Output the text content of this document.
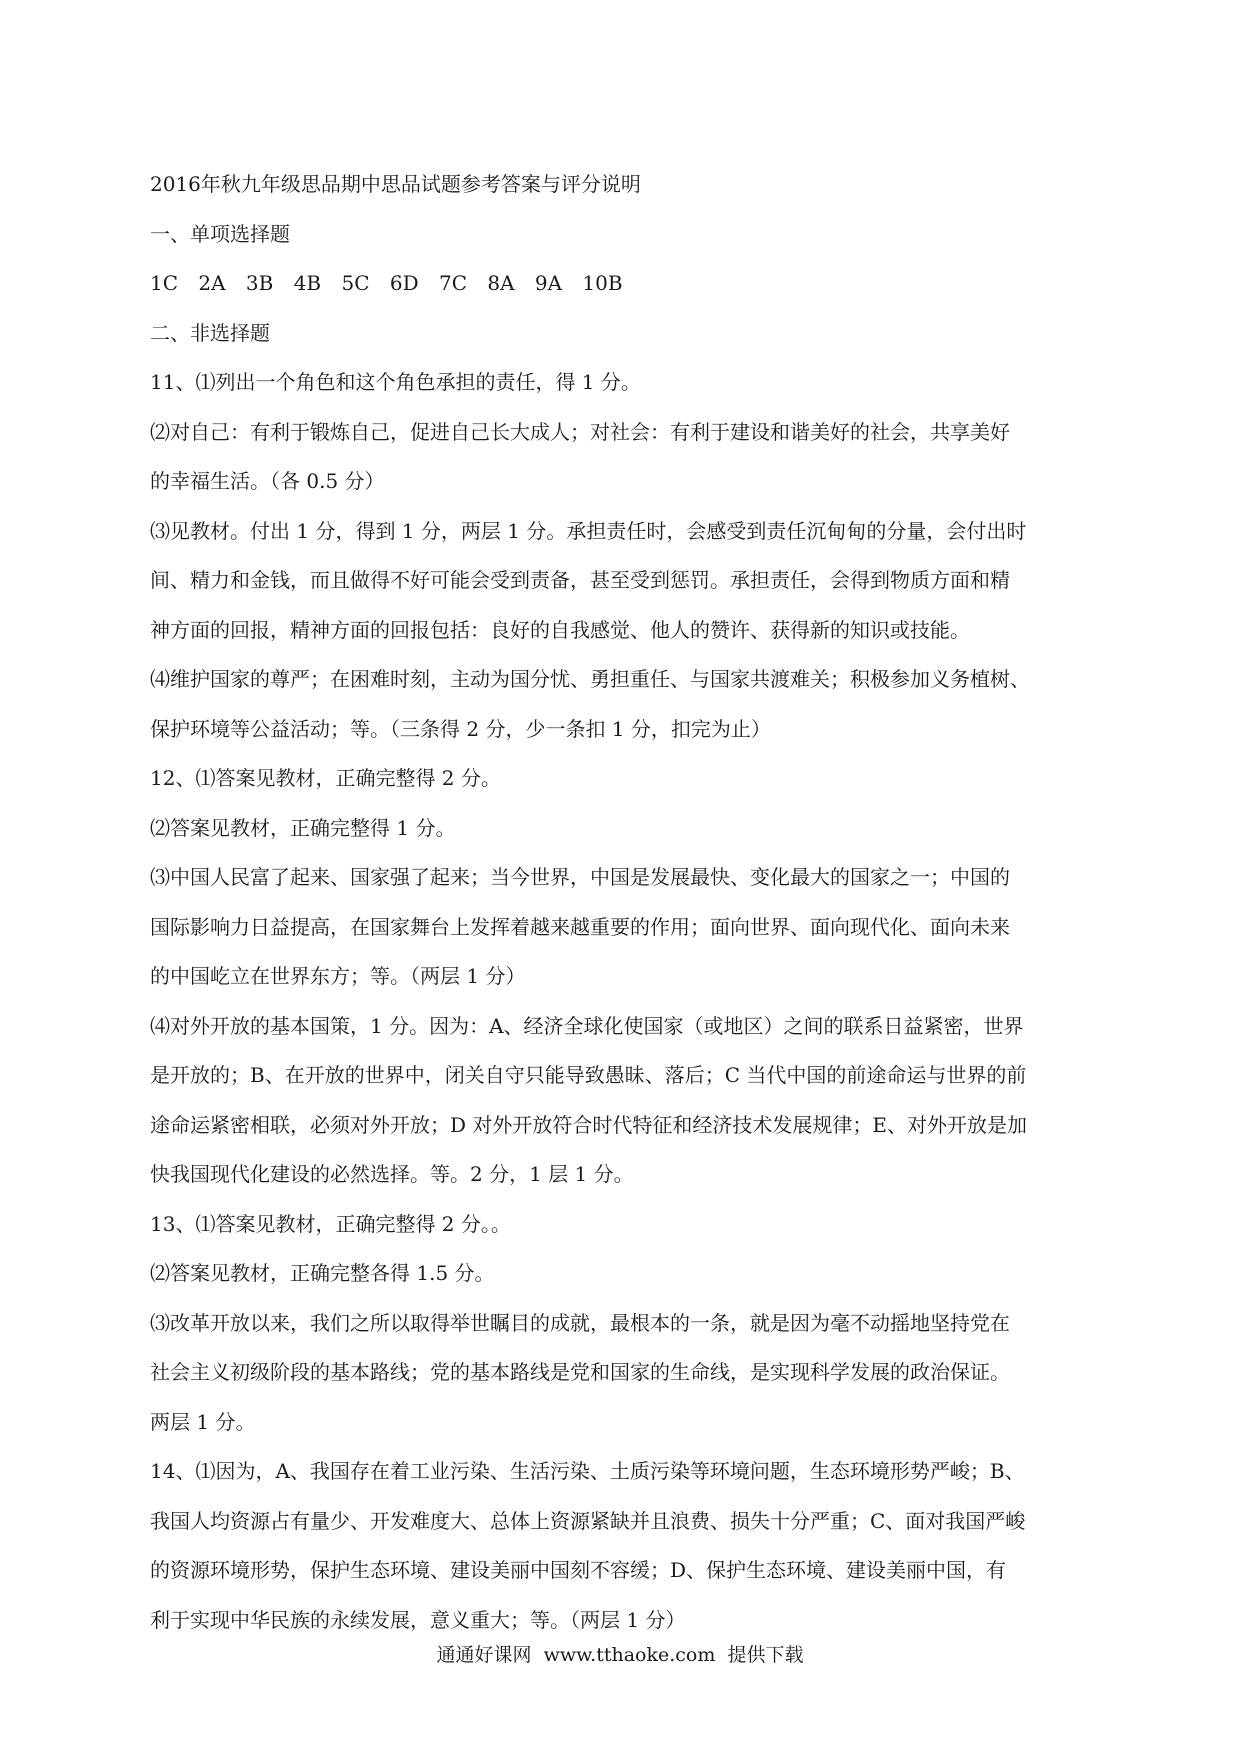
2016年秋九年级思品期中思品试题参考答案与评分说明

一、单项选择题

1C 2A 3B 4B 5C 6D 7C 8A 9A 10B

二、非选择题

11、⑴列出一个角色和这个角色承担的责任，得 1 分。

⑵对自己：有利于锻炼自己，促进自己长大成人；对社会：有利于建设和谐美好的社会，共享美好

的幸福生活。（各 0.5 分）

⑶见教材。付出 1 分，得到 1 分，两层 1 分。承担责任时，会感受到责任沉甸甸的分量，会付出时

间、精力和金钱，而且做得不好可能会受到责备，甚至受到惩罚。承担责任，会得到物质方面和精

神方面的回报，精神方面的回报包括：良好的自我感觉、他人的赞许、获得新的知识或技能。

⑷维护国家的尊严；在困难时刻，主动为国分忧、勇担重任、与国家共渡难关；积极参加义务植树、

保护环境等公益活动；等。（三条得 2 分，少一条扣 1 分，扣完为止）

12、⑴答案见教材，正确完整得 2 分。

⑵答案见教材，正确完整得 1 分。

⑶中国人民富了起来、国家强了起来；当今世界，中国是发展最快、变化最大的国家之一；中国的

国际影响力日益提高，在国家舞台上发挥着越来越重要的作用；面向世界、面向现代化、面向未来

的中国屹立在世界东方；等。（两层 1 分）

⑷对外开放的基本国策，1 分。因为：A、经济全球化使国家（或地区）之间的联系日益紧密，世界

是开放的；B、在开放的世界中，闭关自守只能导致愚昧、落后；C 当代中国的前途命运与世界的前

途命运紧密相联，必须对外开放；D 对外开放符合时代特征和经济技术发展规律；E、对外开放是加

快我国现代化建设的必然选择。等。2 分，1 层 1 分。

13、⑴答案见教材，正确完整得 2 分。。

⑵答案见教材，正确完整各得 1.5 分。

⑶改革开放以来，我们之所以取得举世瞩目的成就，最根本的一条，就是因为毫不动摇地坚持党在

社会主义初级阶段的基本路线；党的基本路线是党和国家的生命线，是实现科学发展的政治保证。

两层 1 分。

14、⑴因为，A、我国存在着工业污染、生活污染、土质污染等环境问题，生态环境形势严峻；B、

我国人均资源占有量少、开发难度大、总体上资源紧缺并且浪费、损失十分严重；C、面对我国严峻

的资源环境形势，保护生态环境、建设美丽中国刻不容缓；D、保护生态环境、建设美丽中国，有

利于实现中华民族的永续发展，意义重大；等。（两层 1 分）

通通好课网  www.tthaoke.com  提供下载
